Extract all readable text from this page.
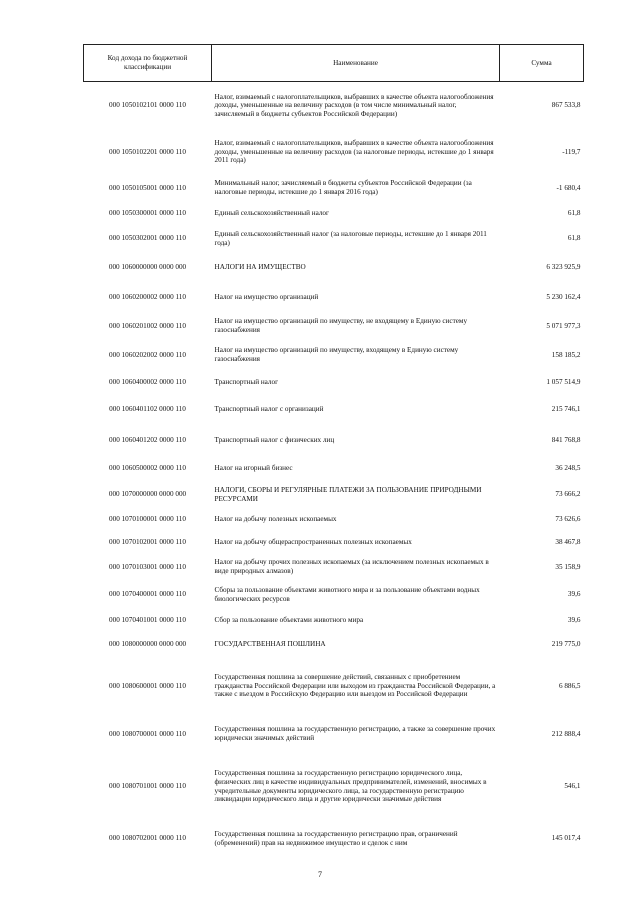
Код дохода по бюджетной классификации	Наименование	Сумма
000 1050102101 0000 110	Налог, взимаемый с налогоплательщиков, выбравших в качестве объекта налогообложения доходы, уменьшенные на величину расходов (в том числе минимальный налог, зачисляемый в бюджеты субъектов Российской Федерации)	867 533,8
000 1050102201 0000 110	Налог, взимаемый с налогоплательщиков, выбравших в качестве объекта налогообложения доходы, уменьшенные на величину расходов (за налоговые периоды, истекшие до 1 января 2011 года)	-119,7
000 1050105001 0000 110	Минимальный налог, зачисляемый в бюджеты субъектов Российской Федерации (за налоговые периоды, истекшие до 1 января 2016 года)	-1 680,4
000 1050300001 0000 110	Единый сельскохозяйственный налог	61,8
000 1050302001 0000 110	Единый сельскохозяйственный налог (за налоговые периоды, истекшие до 1 января 2011 года)	61,8
000 1060000000 0000 000	НАЛОГИ НА ИМУЩЕСТВО	6 323 925,9
000 1060200002 0000 110	Налог на имущество организаций	5 230 162,4
000 1060201002 0000 110	Налог на имущество организаций по имуществу, не входящему в Единую систему газоснабжения	5 071 977,3
000 1060202002 0000 110	Налог на имущество организаций по имуществу, входящему в Единую систему газоснабжения	158 185,2
000 1060400002 0000 110	Транспортный налог	1 057 514,9
000 1060401102 0000 110	Транспортный налог с организаций	215 746,1
000 1060401202 0000 110	Транспортный налог с физических лиц	841 768,8
000 1060500002 0000 110	Налог на игорный бизнес	36 248,5
000 1070000000 0000 000	НАЛОГИ, СБОРЫ И РЕГУЛЯРНЫЕ ПЛАТЕЖИ ЗА ПОЛЬЗОВАНИЕ ПРИРОДНЫМИ РЕСУРСАМИ	73 666,2
000 1070100001 0000 110	Налог на добычу полезных ископаемых	73 626,6
000 1070102001 0000 110	Налог на добычу общераспространенных полезных ископаемых	38 467,8
000 1070103001 0000 110	Налог на добычу прочих полезных ископаемых (за исключением полезных ископаемых в виде природных алмазов)	35 158,9
000 1070400001 0000 110	Сборы за пользование объектами животного мира и за пользование объектами водных биологических ресурсов	39,6
000 1070401001 0000 110	Сбор за пользование объектами животного мира	39,6
000 1080000000 0000 000	ГОСУДАРСТВЕННАЯ ПОШЛИНА	219 775,0
000 1080600001 0000 110	Государственная пошлина за совершение действий, связанных с приобретением гражданства Российской Федерации или выходом из гражданства Российской Федерации, а также с въездом в Российскую Федерацию или выездом из Российской Федерации	6 886,5
000 1080700001 0000 110	Государственная пошлина за государственную регистрацию, а также за совершение прочих юридически значимых действий	212 888,4
000 1080701001 0000 110	Государственная пошлина за государственную регистрацию юридического лица, физических лиц в качестве индивидуальных предпринимателей, изменений, вносимых в учредительные документы юридического лица, за государственную регистрацию ликвидации юридического лица и другие юридически значимые действия	546,1
000 1080702001 0000 110	Государственная пошлина за государственную регистрацию прав, ограничений (обременений) прав на недвижимое имущество и сделок с ним	145 017,4
7
